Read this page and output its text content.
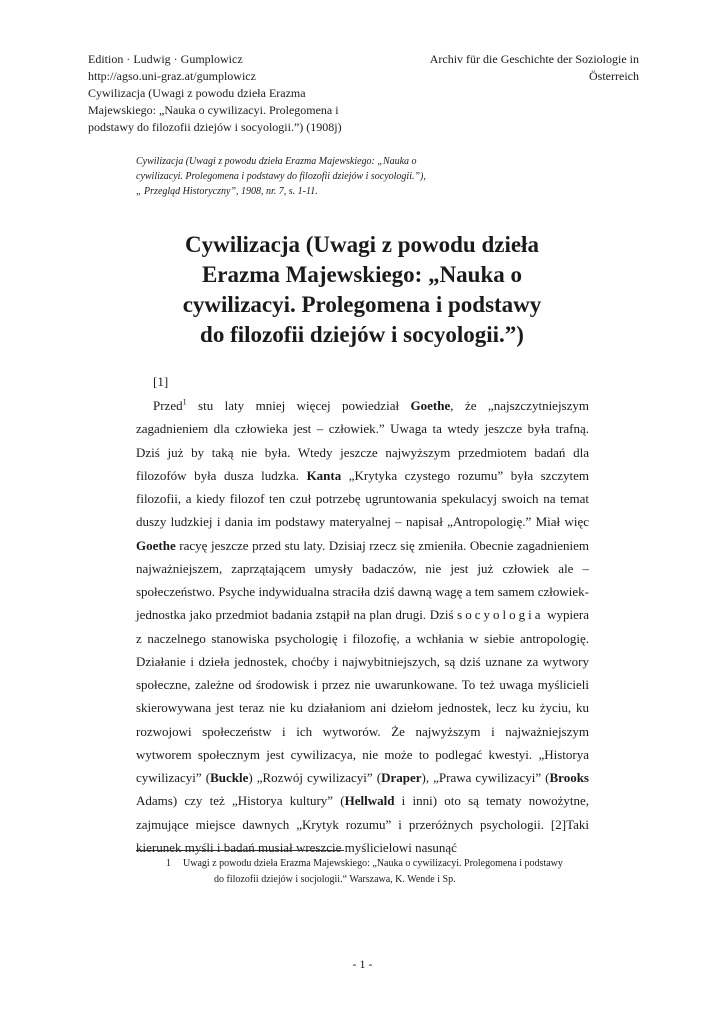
Edition · Ludwig · Gumplowicz
http://agso.uni-graz.at/gumplowicz
Cywilizacja (Uwagi z powodu dzieła Erazma
Majewskiego: „Nauka o cywilizacyi. Prolegomena i
podstawy do filozofii dziejów i socyologii.”) (1908j)
Archiv für die Geschichte der Soziologie in Österreich
Cywilizacja (Uwagi z powodu dzieła Erazma Majewskiego: „Nauka o
cywilizacyi. Prolegomena i podstawy do filozofii dziejów i socyologii.”),
„ Przegląd Historyczny”, 1908, nr. 7, s. 1-11.
Cywilizacja (Uwagi z powodu dzieła
Erazma Majewskiego: „Nauka o
cywilizacyi. Prolegomena i podstawy
do filozofii dziejów i socyologii.”)
[1]

Przed$^1$ stu laty mniej więcej powiedział Goethe, że „najszczytniejszym zagadnieniem dla człowieka jest – człowiek.” Uwaga ta wtedy jeszcze była trafną. Dziś już by taką nie była. Wtedy jeszcze najwyższym przedmiotem badań dla filozofów była dusza ludzka. Kanta „Krytyka czystego rozumu” była szczytem filozofii, a kiedy filozof ten czuł potrzebę ugruntowania spekulacyj swoich na temat duszy ludzkiej i dania im podstawy materyalnej – napisał „Antropologię.” Miał więc Goethe racyę jeszcze przed stu laty. Dzisiaj rzecz się zmieniła. Obecnie zagadnieniem najważniejszem, zaprzątającem umysły badaczów, nie jest już człowiek ale – społeczeństwo. Psyche indywidualna straciła dziś dawną wagę a tem samem człowiek-jednostka jako przedmiot badania zstąpił na plan drugi. Dziś socyologia wypiera z naczelnego stanowiska psychologię i filozofię, a wchłania w siebie antropologię. Działanie i dzieła jednostek, choćby i najwybitniejszych, są dziś uznane za wytwory społeczne, zależne od środowisk i przez nie uwarunkowane. To też uwaga myślicieli skierowywana jest teraz nie ku działaniom ani dziełom jednostek, lecz ku życiu, ku rozwojowi społeczeństw i ich wytworów. Że najwyższym i najważniejszym wytworem społecznym jest cywilizacya, nie może to podlegać kwestyi. „Historya cywilizacyi” (Buckle) „Rozwój cywilizacyi” (Draper), „Prawa cywilizacyi” (Brooks Adams) czy też „Historya kultury” (Hellwald i inni) oto są tematy nowożytne, zajmujące miejsce dawnych „Krytyk rozumu” i przeróżnych psychologii. [2]Taki kierunek myśli i badań musiał wreszcie myślicielowi nasunąć

1	Uwagi z powodu dzieła Erazma Majewskiego: „Nauka o cywilizacyi. Prolegomena i podstawy
do filozofii dziejów i socjologii.“ Warszawa, K. Wende i Sp.
- 1 -
